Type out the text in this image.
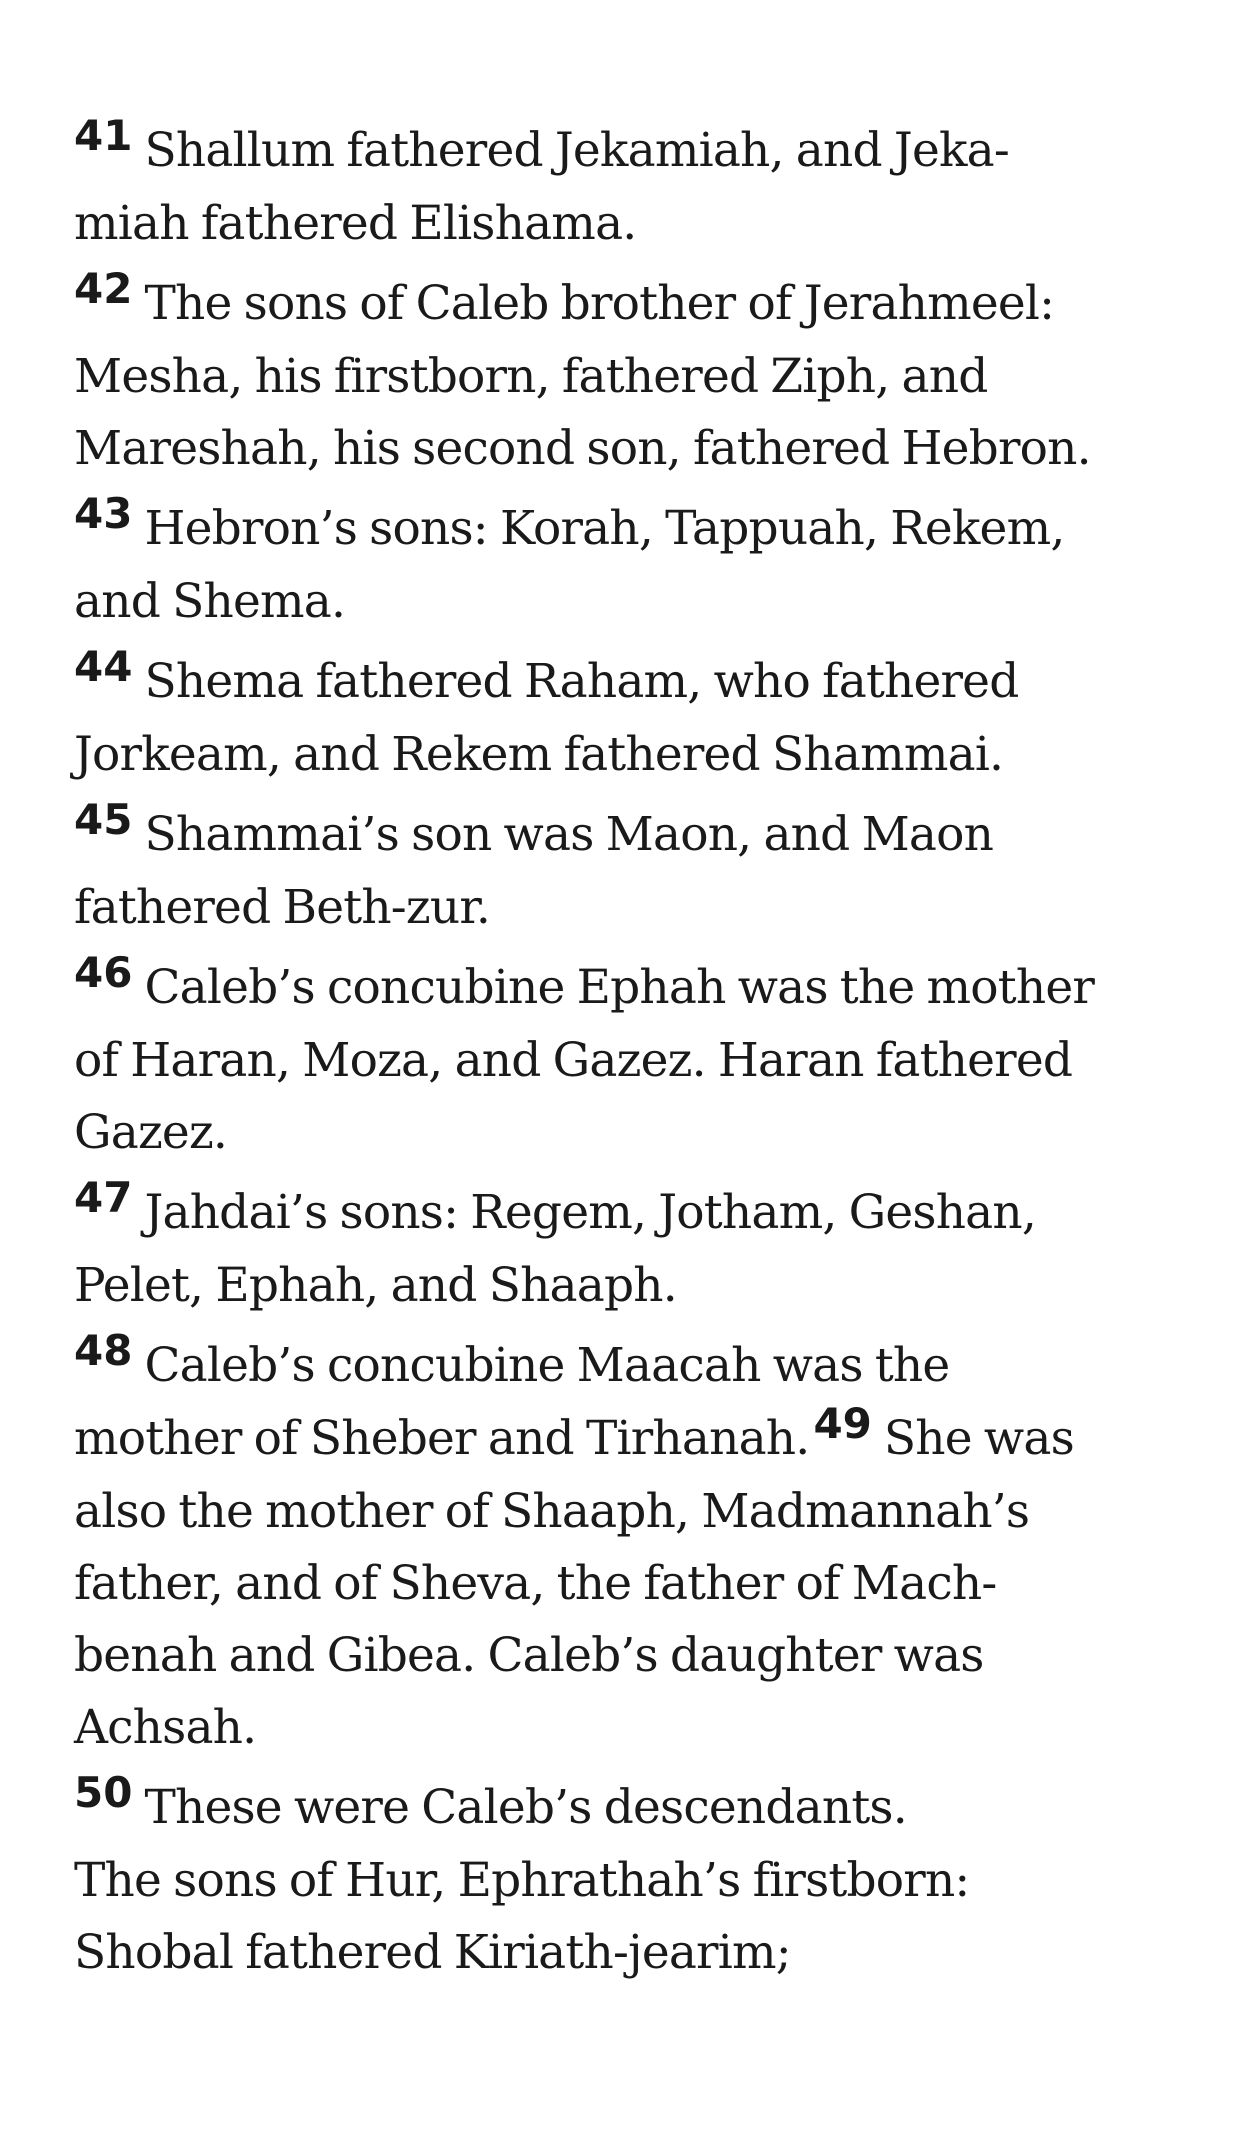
41 Shallum fathered Jekamiah, and Jeka-
miah fathered Elishama.

42 The sons of Caleb brother of Jerahmeel:
Mesha, his firstborn, fathered Ziph, and
Mareshah, his second son, fathered Hebron.

43 Hebron’s sons: Korah, Tappuah, Rekem,
and Shema.

44 Shema fathered Raham, who fathered
Jorkeam, and Rekem fathered Shammai.

45 Shammai’s son was Maon, and Maon
fathered Beth-zur.

46 Caleb’s concubine Ephah was the mother
of Haran, Moza, and Gazez. Haran fathered
Gazez.

47 Jahdai’s sons: Regem, Jotham, Geshan,
Pelet, Ephah, and Shaaph.

48 Caleb’s concubine Maacah was the
mother of Sheber and Tirhanah.49 She was
also the mother of Shaaph, Madmannah’s
father, and of Sheva, the father of Mach-
benah and Gibea. Caleb’s daughter was
Achsah.

50 These were Caleb’s descendants.
The sons of Hur, Ephrathah’s firstborn:
Shobal fathered Kiriath-jearim;
